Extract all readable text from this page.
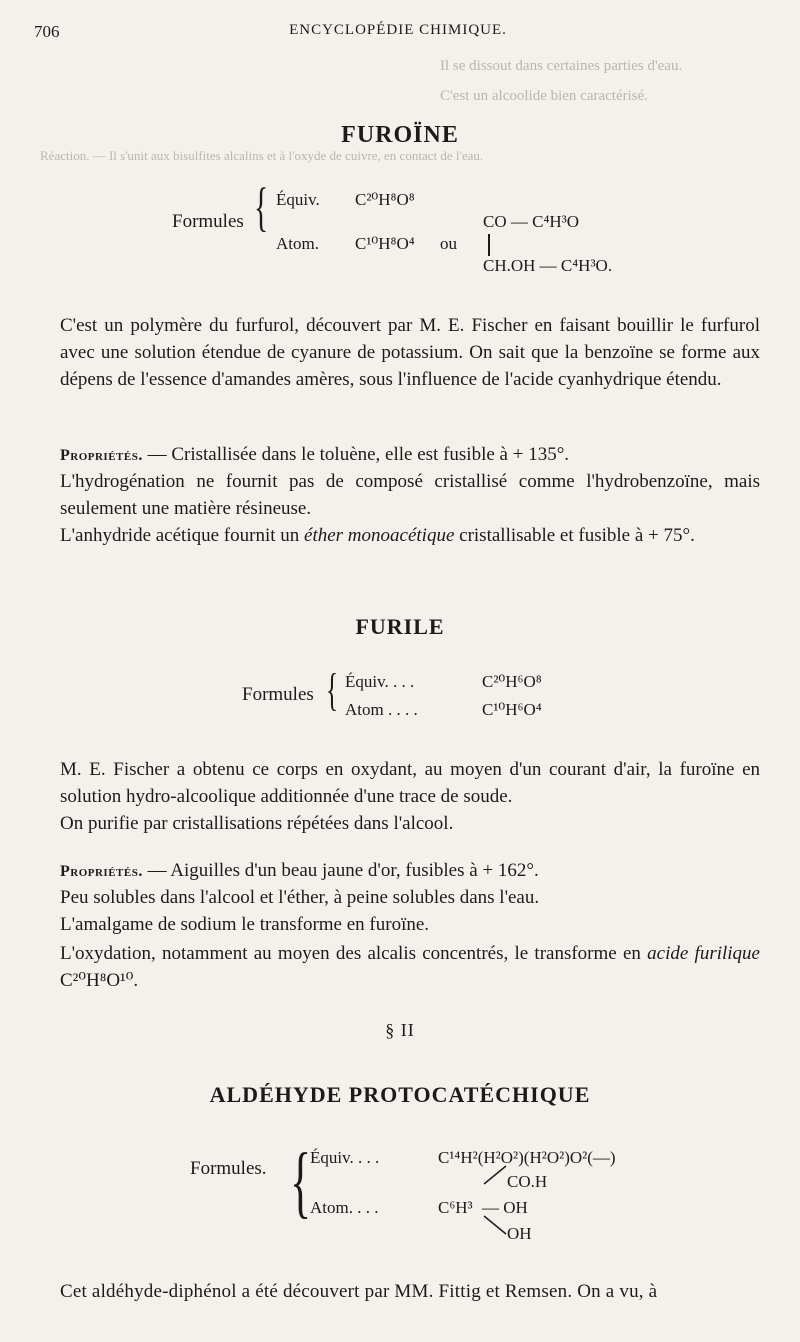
706	ENCYCLOPÉDIE CHIMIQUE.
Il se dissout dans certaines parties d'eau.
C'est un alcoolide bien caractérisé.
Réaction. — Il s'unit aux bisulfites alcalins et à l'oxyde de cuivre, en contact de l'eau.
FUROÏNE
Formules { Équiv. C²⁰H⁸O⁸
Atom. C¹⁰H⁸O⁴ ou
CO — C⁴H³O
CH.OH — C⁴H³O.
C'est un polymère du furfurol, découvert par M. E. Fischer en faisant bouillir le furfurol avec une solution étendue de cyanure de potassium. On sait que la benzoïne se forme aux dépens de l'essence d'amandes amères, sous l'influence de l'acide cyanhydrique étendu.
Propriétés. — Cristallisée dans le toluène, elle est fusible à + 135°.
L'hydrogénation ne fournit pas de composé cristallisé comme l'hydrobenzoïne, mais seulement une matière résineuse.
L'anhydride acétique fournit un éther monoacétique cristallisable et fusible à + 75°.
FURILE
Formules { Équiv. . . .	C²⁰H⁶O⁸
Atom . . . .	C¹⁰H⁶O⁴
M. E. Fischer a obtenu ce corps en oxydant, au moyen d'un courant d'air, la furoïne en solution hydro-alcoolique additionnée d'une trace de soude.
On purifie par cristallisations répétées dans l'alcool.
Propriétés. — Aiguilles d'un beau jaune d'or, fusibles à + 162°.
Peu solubles dans l'alcool et l'éther, à peine solubles dans l'eau.
L'amalgame de sodium le transforme en furoïne.
L'oxydation, notamment au moyen des alcalis concentrés, le transforme en acide furilique C²⁰H⁸O¹⁰.
§ II
ALDÉHYDE PROTOCATÉCHIQUE
Formules. {
Équiv. . . .	C¹⁴H²(H²O²)(H²O²)O²(—)
Atom. . . .	C⁶H³
CO.H
— OH
OH
Cet aldéhyde-diphénol a été découvert par MM. Fittig et Remsen. On a vu, à
